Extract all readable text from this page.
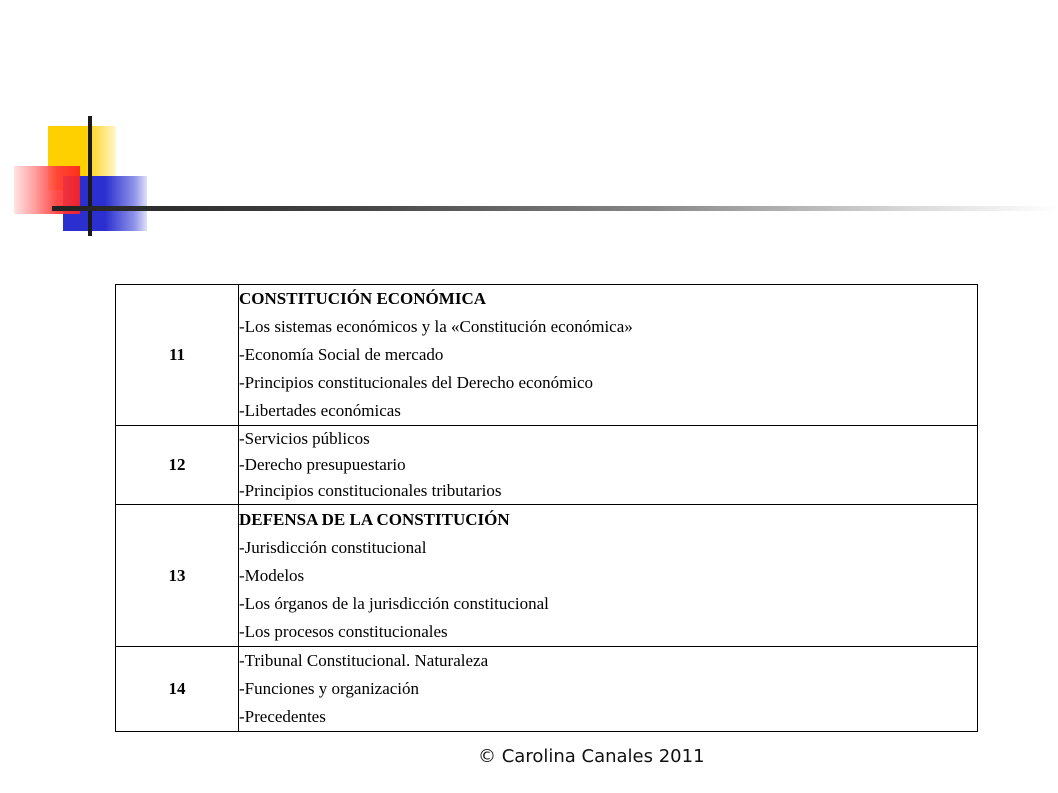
11	CONSTITUCIÓN ECONÓMICA
-Los sistemas económicos y la «Constitución económica»
-Economía Social de mercado
-Principios constitucionales del Derecho económico
-Libertades económicas

12	-Servicios públicos
-Derecho presupuestario
-Principios constitucionales tributarios

13	DEFENSA DE LA CONSTITUCIÓN
-Jurisdicción constitucional
-Modelos
-Los órganos de la jurisdicción constitucional
-Los procesos constitucionales

14	-Tribunal Constitucional. Naturaleza
-Funciones y organización
-Precedentes
© Carolina Canales 2011
